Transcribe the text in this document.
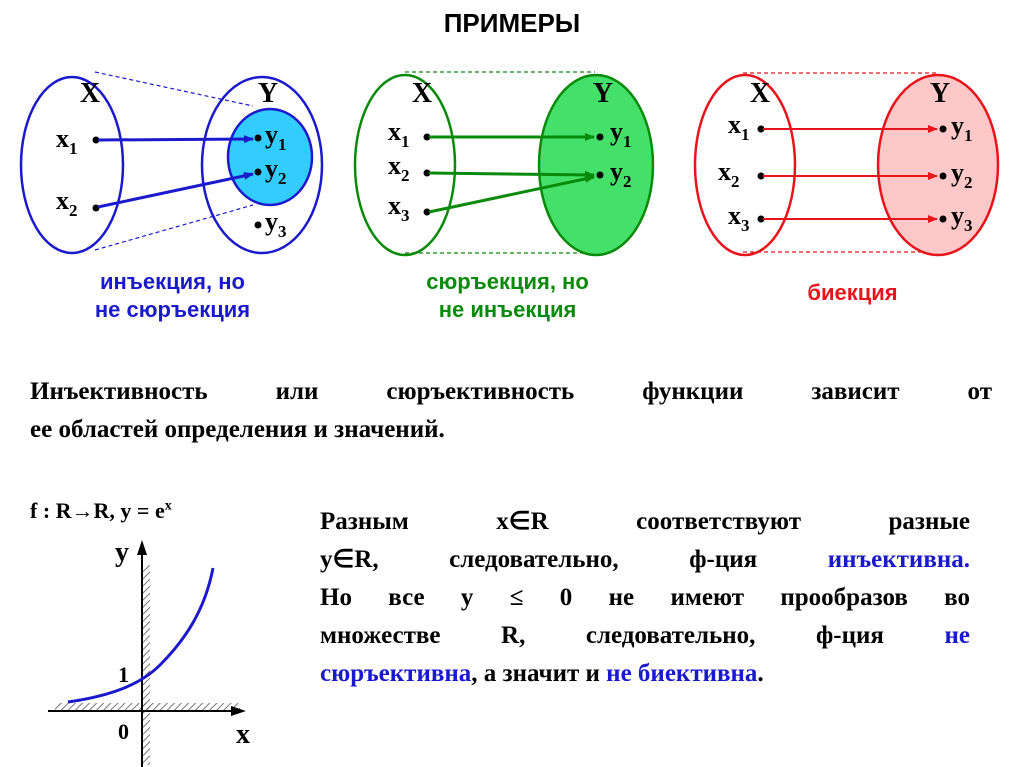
ПРИМЕРЫ
X	Y
$x_1$
$x_2$
$y_1$
$y_2$
$y_3$
X	Y
$x_1$
$x_2$
$x_3$
$y_1$
$y_2$
X	Y
$x_1$
$x_2$
$x_3$
$y_1$
$y_2$
$y_3$
y
x
1
0
инъекция, но
не сюръекция
сюръекция, но
не инъекция
биекция
Инъективность или сюръективность функции зависит от
ее областей определения и значений.
f : R→R, $y = e^x$
Разным x∈R соответствуют разные
y∈R, следовательно, ф-ция инъективна.
Но все y ≤ 0 не имеют прообразов во
множестве R, следовательно, ф-ция не
сюръективна, а значит и не биективна.
